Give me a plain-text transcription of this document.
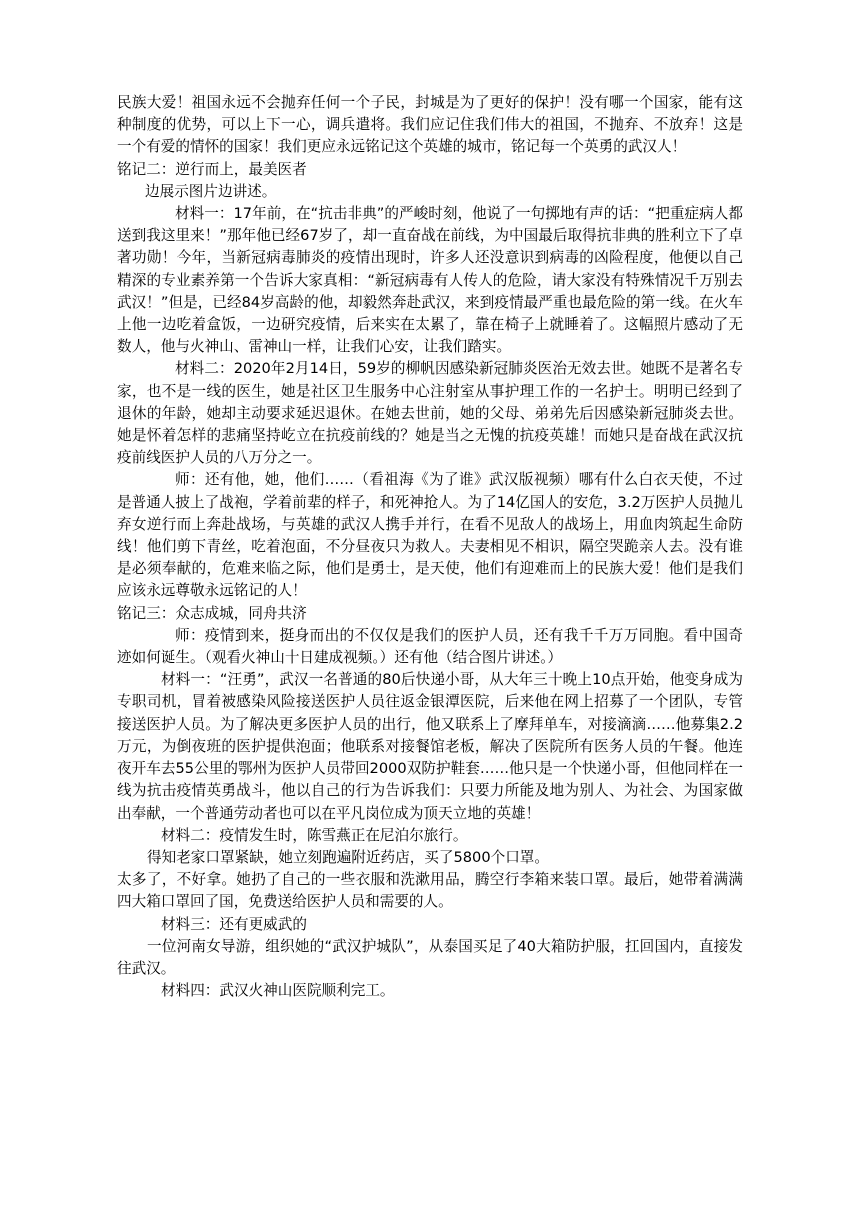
民族大爱！祖国永远不会抛弃任何一个子民，封城是为了更好的保护！没有哪一个国家，能有这种制度的优势，可以上下一心，调兵遣将。我们应记住我们伟大的祖国，不抛弃、不放弃！这是一个有爱的情怀的国家！我们更应永远铭记这个英雄的城市，铭记每一个英勇的武汉人！

铭记二：逆行而上，最美医者

边展示图片边讲述。

材料一：17年前，在“抗击非典”的严峻时刻，他说了一句掷地有声的话：“把重症病人都送到我这里来！”那年他已经67岁了，却一直奋战在前线，为中国最后取得抗非典的胜利立下了卓著功勋！今年，当新冠病毒肺炎的疫情出现时，许多人还没意识到病毒的凶险程度，他便以自己精深的专业素养第一个告诉大家真相：“新冠病毒有人传人的危险，请大家没有特殊情况千万别去武汉！”但是，已经84岁高龄的他，却毅然奔赴武汉，来到疫情最严重也最危险的第一线。在火车上他一边吃着盒饭，一边研究疫情，后来实在太累了，靠在椅子上就睡着了。这幅照片感动了无数人，他与火神山、雷神山一样，让我们心安，让我们踏实。

材料二：2020年2月14日，59岁的柳帆因感染新冠肺炎医治无效去世。她既不是著名专家，也不是一线的医生，她是社区卫生服务中心注射室从事护理工作的一名护士。明明已经到了退休的年龄，她却主动要求延迟退休。在她去世前，她的父母、弟弟先后因感染新冠肺炎去世。她是怀着怎样的悲痛坚持屹立在抗疫前线的？她是当之无愧的抗疫英雄！而她只是奋战在武汉抗疫前线医护人员的八万分之一。

师：还有他，她，他们……（看祖海《为了谁》武汉版视频）哪有什么白衣天使，不过是普通人披上了战袍，学着前辈的样子，和死神抢人。为了14亿国人的安危，3.2万医护人员抛儿弃女逆行而上奔赴战场，与英雄的武汉人携手并行，在看不见敌人的战场上，用血肉筑起生命防线！他们剪下青丝，吃着泡面，不分昼夜只为救人。夫妻相见不相识，隔空哭跪亲人去。没有谁是必须奉献的，危难来临之际，他们是勇士，是天使，他们有迎难而上的民族大爱！他们是我们应该永远尊敬永远铭记的人！

铭记三：众志成城，同舟共济

师：疫情到来，挺身而出的不仅仅是我们的医护人员，还有我千千万万同胞。看中国奇迹如何诞生。（观看火神山十日建成视频。）还有他（结合图片讲述。）

材料一：“汪勇”，武汉一名普通的80后快递小哥，从大年三十晚上10点开始，他变身成为专职司机，冒着被感染风险接送医护人员往返金银潭医院，后来他在网上招募了一个团队，专管接送医护人员。为了解决更多医护人员的出行，他又联系上了摩拜单车，对接滴滴……他募集2.2万元，为倒夜班的医护提供泡面；他联系对接餐馆老板，解决了医院所有医务人员的午餐。他连夜开车去55公里的鄂州为医护人员带回2000双防护鞋套……他只是一个快递小哥，但他同样在一线为抗击疫情英勇战斗，他以自己的行为告诉我们：只要力所能及地为别人、为社会、为国家做出奉献，一个普通劳动者也可以在平凡岗位成为顶天立地的英雄！

材料二：疫情发生时，陈雪燕正在尼泊尔旅行。

得知老家口罩紧缺，她立刻跑遍附近药店，买了5800个口罩。

太多了，不好拿。她扔了自己的一些衣服和洗漱用品，腾空行李箱来装口罩。最后，她带着满满四大箱口罩回了国，免费送给医护人员和需要的人。

材料三：还有更威武的

一位河南女导游，组织她的“武汉护城队”，从泰国买足了40大箱防护服，扛回国内，直接发往武汉。

材料四：武汉火神山医院顺利完工。
